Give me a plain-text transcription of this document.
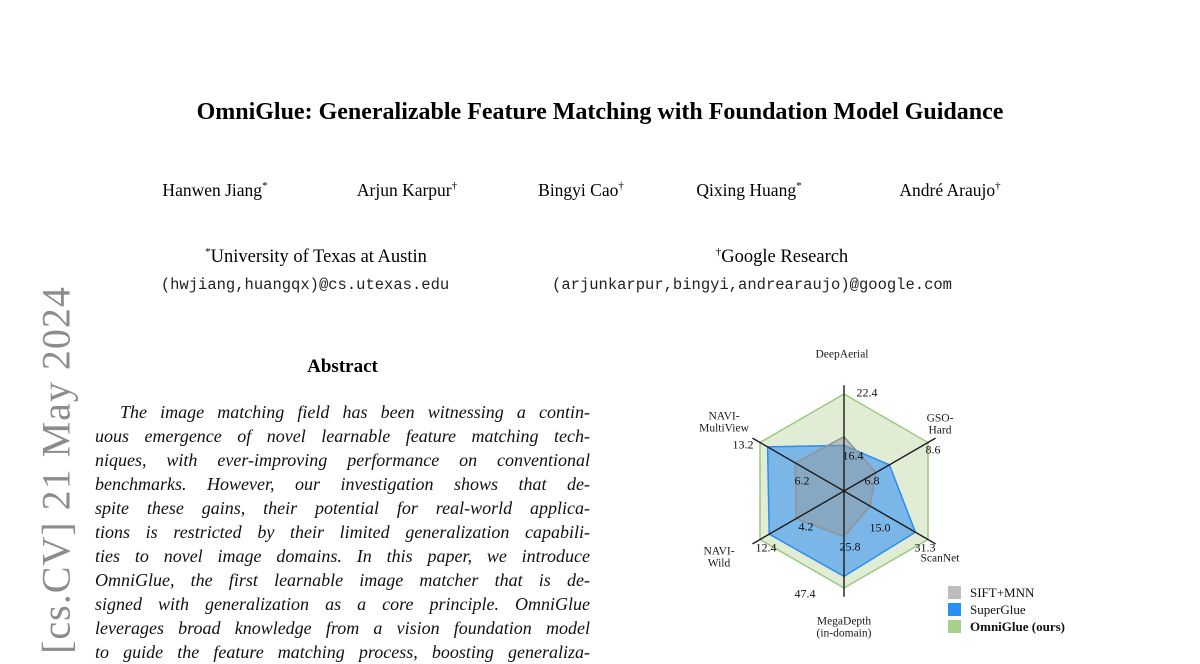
[cs.CV] 21 May 2024
OmniGlue: Generalizable Feature Matching with Foundation Model Guidance
Hanwen Jiang*	Arjun Karpur†	Bingyi Cao†	Qixing Huang*	André Araujo†
*University of Texas at Austin	†Google Research
(hwjiang,huangqx)@cs.utexas.edu	(arjunkarpur,bingyi,andrearaujo)@google.com
Abstract
The image matching field has been witnessing a contin-
uous emergence of novel learnable feature matching tech-
niques, with ever-improving performance on conventional
benchmarks. However, our investigation shows that de-
spite these gains, their potential for real-world applica-
tions is restricted by their limited generalization capabili-
ties to novel image domains. In this paper, we introduce
OmniGlue, the first learnable image matcher that is de-
signed with generalization as a core principle. OmniGlue
leverages broad knowledge from a vision foundation model
to guide the feature matching process, boosting generaliza-
DeepAerial
GSO-
Hard
ScanNet
MegaDepth
(in-domain)
NAVI-
Wild
NAVI-
MultiView
22.4
8.6
31.3
47.4
12.4
13.2
16.4
6.8
15.0
25.8
4.2
6.2
SIFT+MNN
SuperGlue
OmniGlue (ours)
